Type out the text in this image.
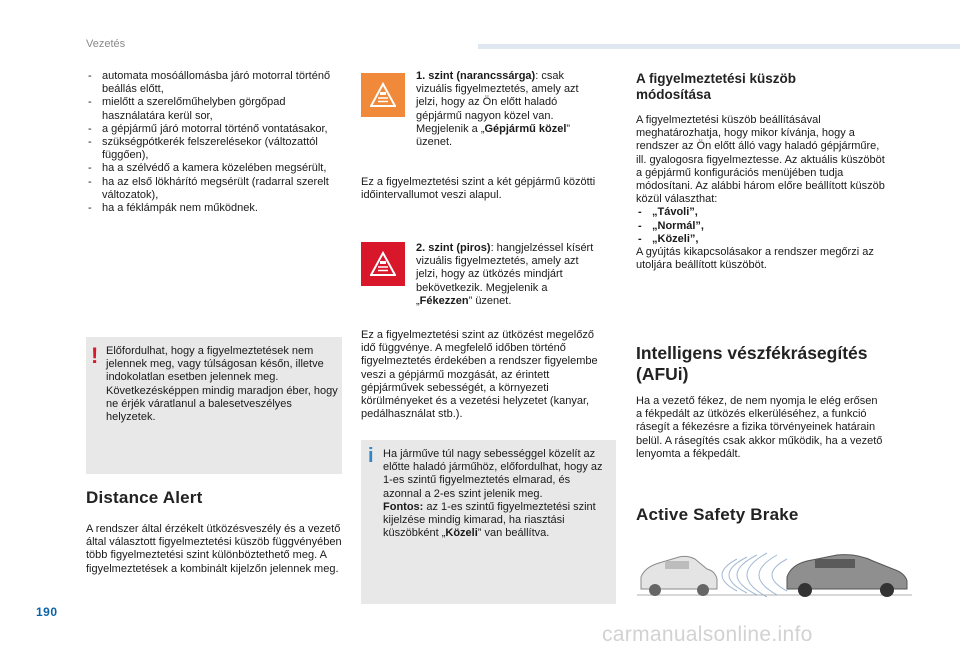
Vezetés
- automata mosóállomásba járó motorral történő beállás előtt,
- mielőtt a szerelőműhelyben görgőpad használatára kerül sor,
- a gépjármű járó motorral történő vontatásakor,
- szükségpótkerék felszerelésekor (változattól függően),
- ha a szélvédő a kamera közelében megsérült,
- ha az első lökhárító megsérült (radarral szerelt változatok),
- ha a féklámpák nem működnek.
! Előfordulhat, hogy a figyelmeztetések nem jelennek meg, vagy túlságosan későn, illetve indokolatlan esetben jelennek meg. Következésképpen mindig maradjon éber, hogy ne érjék váratlanul a balesetveszélyes helyzetek.
Distance Alert
A rendszer által érzékelt ütközésveszély és a vezető által választott figyelmeztetési küszöb függvényében több figyelmeztetési szint különböztethető meg. A figyelmeztetések a kombinált kijelzőn jelennek meg.
1. szint (narancssárga): csak vizuális figyelmeztetés, amely azt jelzi, hogy az Ön előtt haladó gépjármű nagyon közel van. Megjelenik a „Gépjármű közel” üzenet.
Ez a figyelmeztetési szint a két gépjármű közötti időintervallumot veszi alapul.
2. szint (piros): hangjelzéssel kísért vizuális figyelmeztetés, amely azt jelzi, hogy az ütközés mindjárt bekövetkezik. Megjelenik a „Fékezzen” üzenet.
Ez a figyelmeztetési szint az ütközést megelőző idő függvénye. A megfelelő időben történő figyelmeztetés érdekében a rendszer figyelembe veszi a gépjármű mozgását, az érintett gépjárművek sebességét, a környezeti körülményeket és a vezetési helyzetet (kanyar, pedálhasználat stb.).
i Ha járműve túl nagy sebességgel közelít az előtte haladó járműhöz, előfordulhat, hogy az 1-es szintű figyelmeztetés elmarad, és azonnal a 2-es szint jelenik meg.
Fontos: az 1-es szintű figyelmeztetési szint kijelzése mindig kimarad, ha riasztási küszöbként „Közeli” van beállítva.
A figyelmeztetési küszöb módosítása
A figyelmeztetési küszöb beállításával meghatározhatja, hogy mikor kívánja, hogy a rendszer az Ön előtt álló vagy haladó gépjárműre, ill. gyalogosra figyelmeztesse. Az aktuális küszöböt a gépjármű konfigurációs menüjében tudja módosítani. Az alábbi három előre beállított küszöb közül választhat:
- „Távoli”,
- „Normál”,
- „Közeli”,
A gyújtás kikapcsolásakor a rendszer megőrzi az utoljára beállított küszöböt.
Intelligens vészfékrásegítés (AFUi)
Ha a vezető fékez, de nem nyomja le elég erősen a fékpedált az ütközés elkerüléséhez, a funkció rásegít a fékezésre a fizika törvényeinek határain belül. A rásegítés csak akkor működik, ha a vezető lenyomta a fékpedált.
Active Safety Brake
190
carmanualsonline.info
